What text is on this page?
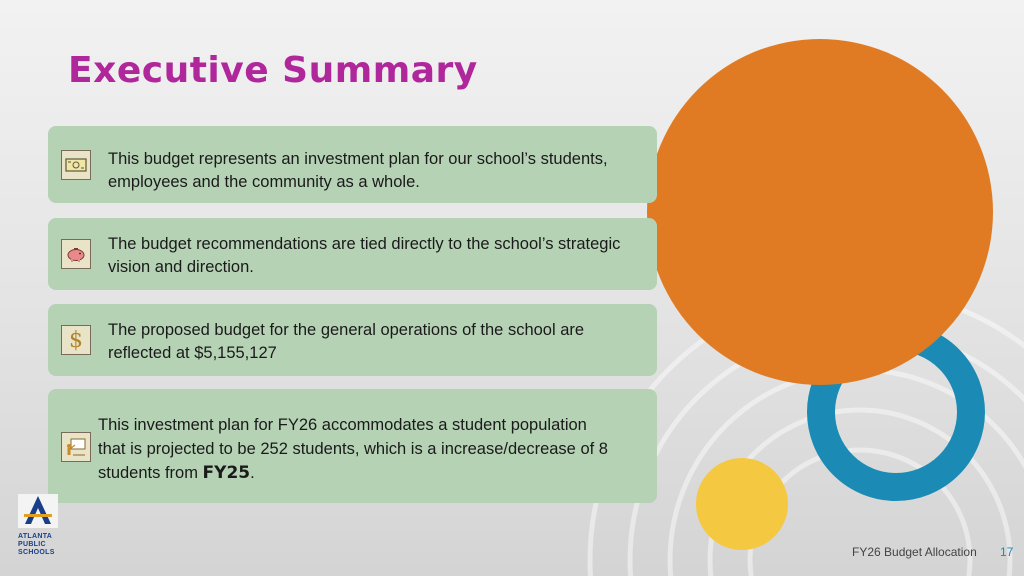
Executive Summary
This budget represents an investment plan for our school’s students, employees and the community as a whole.
The budget recommendations are tied directly to the school’s strategic vision and direction.
$ The proposed budget for the general operations of the school are reflected at $5,155,127
This investment plan for FY26 accommodates a student population that is projected to be 252 students, which is a increase/decrease of 8 students from FY25.
ATLANTA
PUBLIC
SCHOOLS	FY26 Budget Allocation 17
